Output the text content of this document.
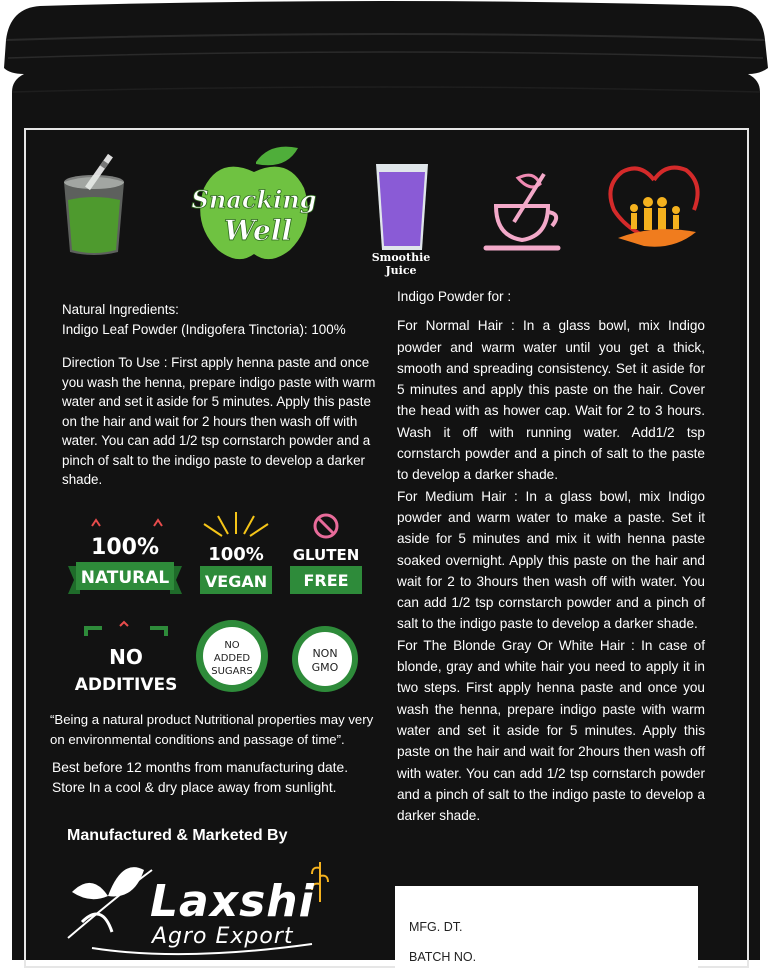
Snacking
Well
Smoothie Juice

Natural Ingredients:

Indigo Leaf Powder (Indigofera Tinctoria): 100%

Direction To Use : First apply henna paste and once you wash the henna, prepare indigo paste with warm water and set it aside for 5 minutes. Apply this paste on the hair and wait for 2 hours then wash off with water. You can add 1/2 tsp cornstarch powder and a pinch of salt to the indigo paste to develop a darker shade.

100%
NATURAL
100%
VEGAN
GLUTEN
FREE
NO
ADDITIVES
NO
ADDED
SUGARS
NON
GMO
“Being a natural product Nutritional properties may very on environmental conditions and passage of time”.
Best before 12 months from manufacturing date.
Store In a cool & dry place away from sunlight.
Manufactured & Marketed By
Laxshi
Agro Export

Indigo Powder for :

For Normal Hair : In a glass bowl, mix Indigo powder and warm water until you get a thick, smooth and spreading consistency. Set it aside for 5 minutes and apply this paste on the hair. Cover the head with as hower cap. Wait for 2 to 3 hours. Wash it off with running water. Add1/2 tsp cornstarch powder and a pinch of salt to the paste to develop a darker shade.

For Medium Hair : In a glass bowl, mix Indigo powder and warm water to make a paste. Set it aside for 5 minutes and mix it with henna paste soaked overnight. Apply this paste on the hair and wait for 2 to 3hours then wash off with water. You can add 1/2 tsp cornstarch powder and a pinch of salt to the indigo paste to develop a darker shade.

For The Blonde Gray Or White Hair : In case of blonde, gray and white hair you need to apply it in two steps. First apply henna paste and once you wash the henna, prepare indigo paste with warm water and set it aside for 5 minutes. Apply this paste on the hair and wait for 2hours then wash off with water. You can add 1/2 tsp cornstarch powder and a pinch of salt to the indigo paste to develop a darker shade.

MFG. DT.
BATCH NO.
